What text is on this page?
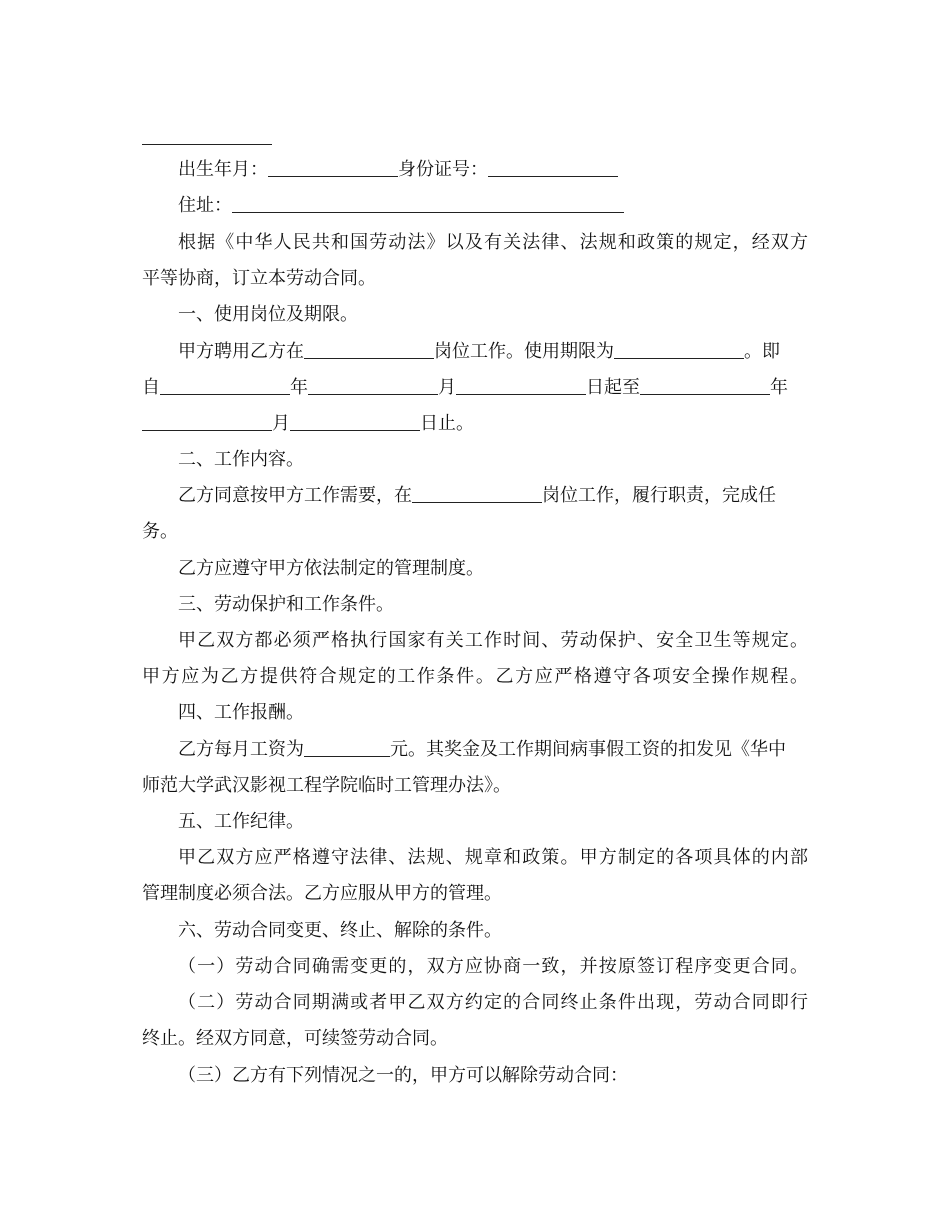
出生年月：	身份证号：
住址：
根据《中华人民共和国劳动法》以及有关法律、法规和政策的规定，经双方
平等协商，订立本劳动合同。
一、使用岗位及期限。
甲方聘用乙方在	岗位工作。使用期限为	。即
自	年	月	日起至	年
月	日止。
二、工作内容。
乙方同意按甲方工作需要，在	岗位工作，履行职责，完成任
务。
乙方应遵守甲方依法制定的管理制度。
三、劳动保护和工作条件。
甲乙双方都必须严格执行国家有关工作时间、劳动保护、安全卫生等规定。
甲方应为乙方提供符合规定的工作条件。乙方应严格遵守各项安全操作规程。
四、工作报酬。
乙方每月工资为	元。其奖金及工作期间病事假工资的扣发见《华中
师范大学武汉影视工程学院临时工管理办法》。
五、工作纪律。
甲乙双方应严格遵守法律、法规、规章和政策。甲方制定的各项具体的内部
管理制度必须合法。乙方应服从甲方的管理。
六、劳动合同变更、终止、解除的条件。
（一）劳动合同确需变更的，双方应协商一致，并按原签订程序变更合同。
（二）劳动合同期满或者甲乙双方约定的合同终止条件出现，劳动合同即行
终止。经双方同意，可续签劳动合同。
（三）乙方有下列情况之一的，甲方可以解除劳动合同：
